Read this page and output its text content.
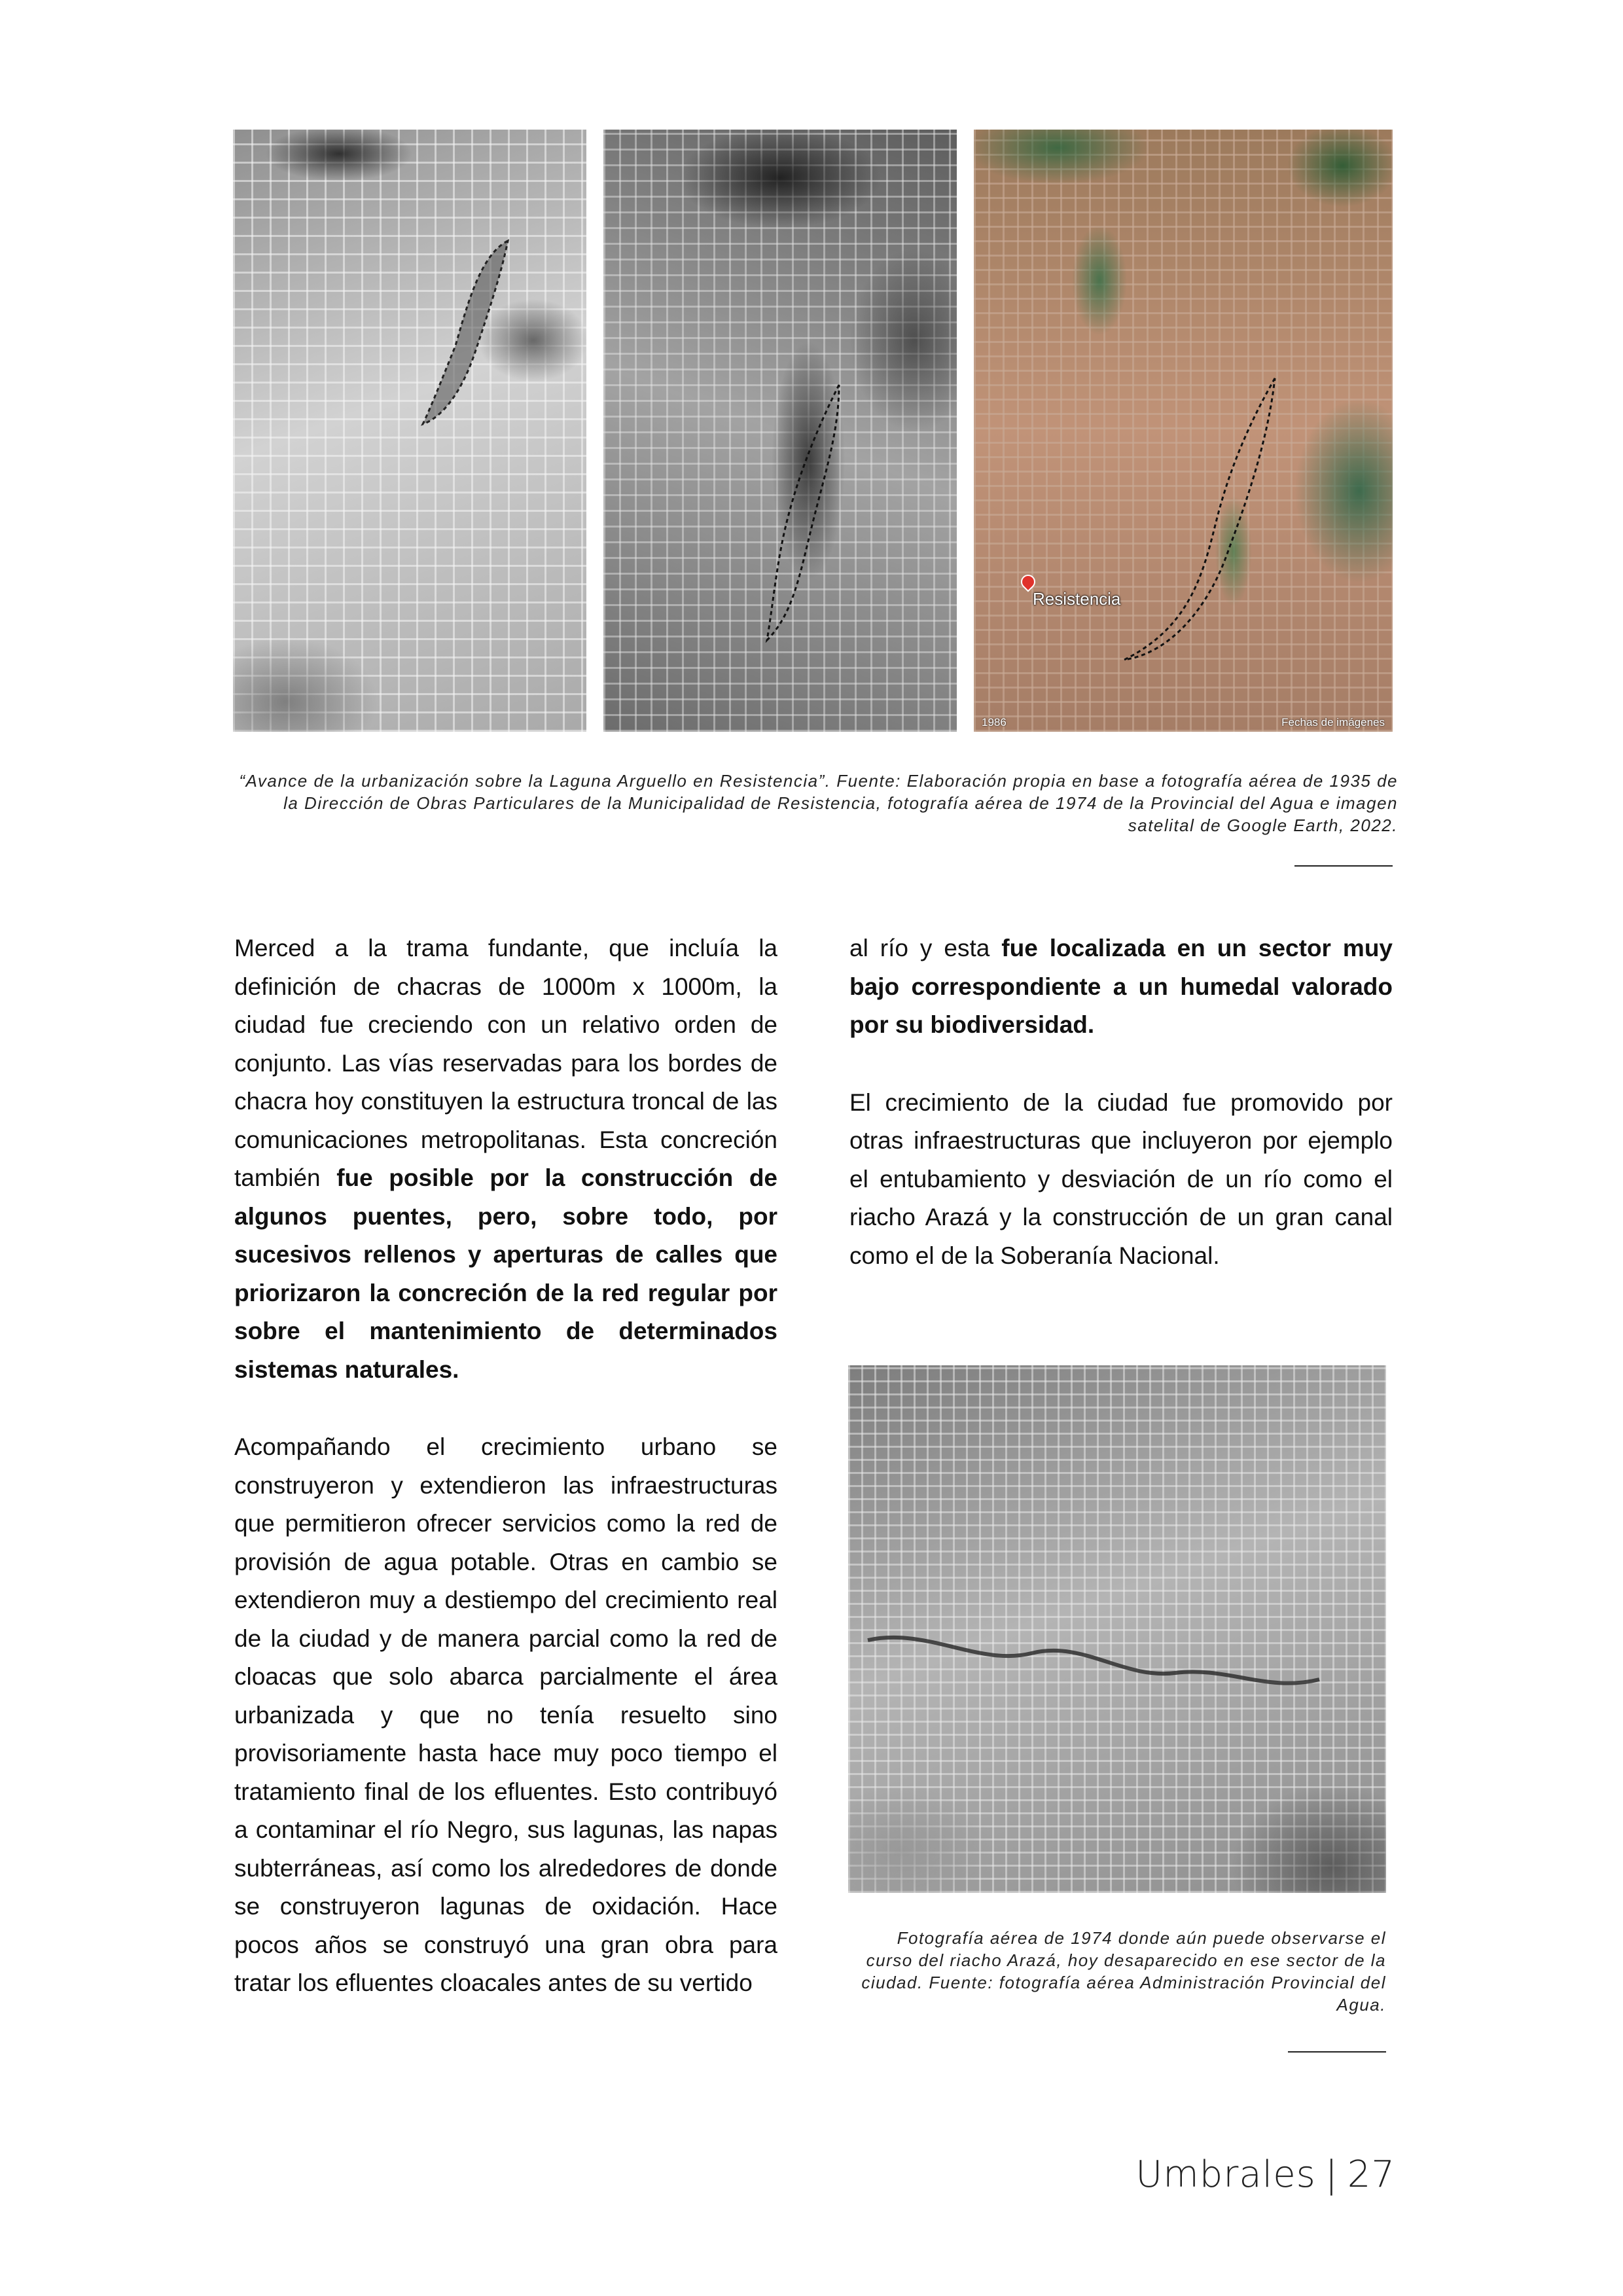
Resistencia
1986	Fechas de imágenes
“Avance de la urbanización sobre la Laguna Arguello en Resistencia”. Fuente: Elaboración propia en base a fotografía aérea de 1935 de la Dirección de Obras Particulares de la Municipalidad de Resistencia, fotografía aérea de 1974 de la Provincial del Agua e imagen satelital de Google Earth, 2022.

Merced a la trama fundante, que incluía la definición de chacras de 1000m x 1000m, la ciudad fue creciendo con un relativo orden de conjunto. Las vías reservadas para los bordes de chacra hoy constituyen la estructura troncal de las comunicaciones metropolitanas. Esta concreción también fue posible por la construcción de algunos puentes, pero, sobre todo, por sucesivos rellenos y aperturas de calles que priorizaron la concreción de la red regular por sobre el mantenimiento de determinados sistemas naturales.

Acompañando el crecimiento urbano se construyeron y extendieron las infraestructuras que permitieron ofrecer servicios como la red de provisión de agua potable. Otras en cambio se extendieron muy a destiempo del crecimiento real de la ciudad y de manera parcial como la red de cloacas que solo abarca parcialmente el área urbanizada y que no tenía resuelto sino provisoriamente hasta hace muy poco tiempo el tratamiento final de los efluentes. Esto contribuyó a contaminar el río Negro, sus lagunas, las napas subterráneas, así como los alrededores de donde se construyeron lagunas de oxidación. Hace pocos años se construyó una gran obra para tratar los efluentes cloacales antes de su vertido

al río y esta fue localizada en un sector muy bajo correspondiente a un humedal valorado por su biodiversidad.

El crecimiento de la ciudad fue promovido por otras infraestructuras que incluyeron por ejemplo el entubamiento y desviación de un río como el riacho Arazá y la construcción de un gran canal como el de la Soberanía Nacional.

Fotografía aérea de 1974 donde aún puede observarse el curso del riacho Arazá, hoy desaparecido en ese sector de la ciudad. Fuente: fotografía aérea Administración Provincial del Agua.
Umbrales | 27
